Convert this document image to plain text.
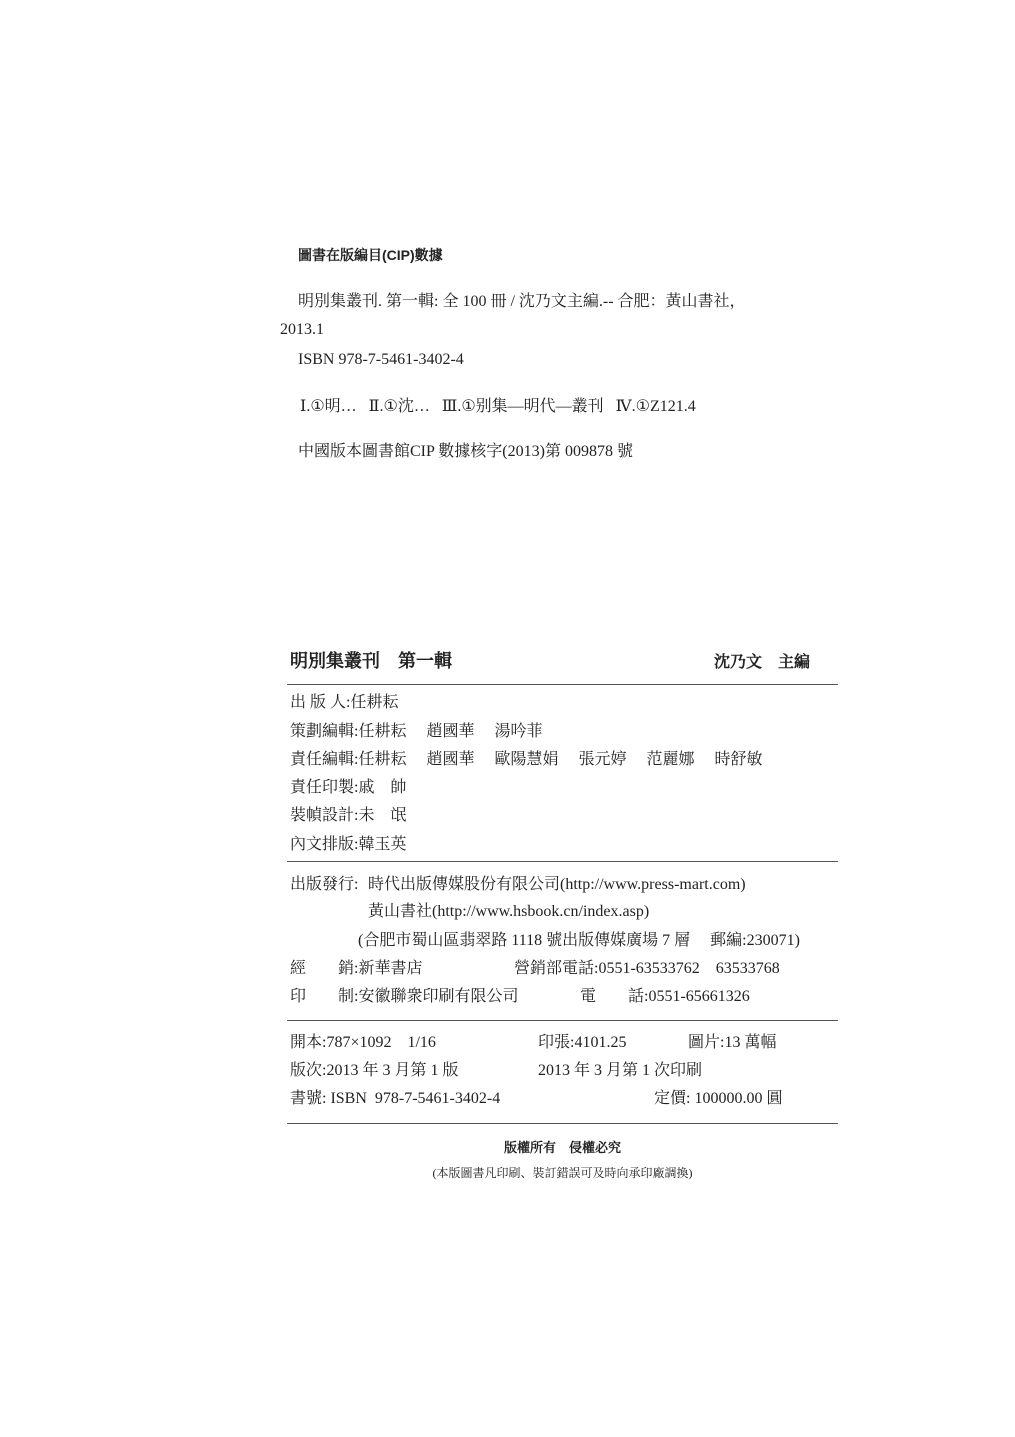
圖書在版編目(CIP)數據
明別集叢刊. 第一輯: 全 100 冊 / 沈乃文主編.-- 合肥：黃山書社，
2013.1
ISBN 978-7-5461-3402-4
Ⅰ.①明…   Ⅱ.①沈…   Ⅲ.①别集—明代—叢刊   Ⅳ.①Z121.4
中國版本圖書館CIP 數據核字(2013)第 009878 號
明別集叢刊　第一輯	沈乃文　主編
出 版 人:任耕耘
策劃編輯:任耕耘　 趙國華　 湯吟菲
責任編輯:任耕耘　 趙國華　 歐陽慧娟　 張元婷　 范麗娜　 時舒敏
責任印製:戚　帥
裝幀設計:未　氓
內文排版:韓玉英
出版發行: 時代出版傳媒股份有限公司(http://www.press-mart.com)
黃山書社(http://www.hsbook.cn/index.asp)
(合肥市蜀山區翡翠路 1118 號出版傳媒廣場 7 層　 郵編:230071)
經　　銷:新華書店	營銷部電話:0551-63533762　63533768
印　　制:安徽聯衆印刷有限公司	電　　話:0551-65661326
開本:787×1092　1/16	印張:4101.25	圖片:13 萬幅
版次:2013 年 3 月第 1 版	2013 年 3 月第 1 次印刷
書號: ISBN  978-7-5461-3402-4	定價: 100000.00 圓
版權所有　侵權必究
(本版圖書凡印刷、裝訂錯誤可及時向承印廠調換)
